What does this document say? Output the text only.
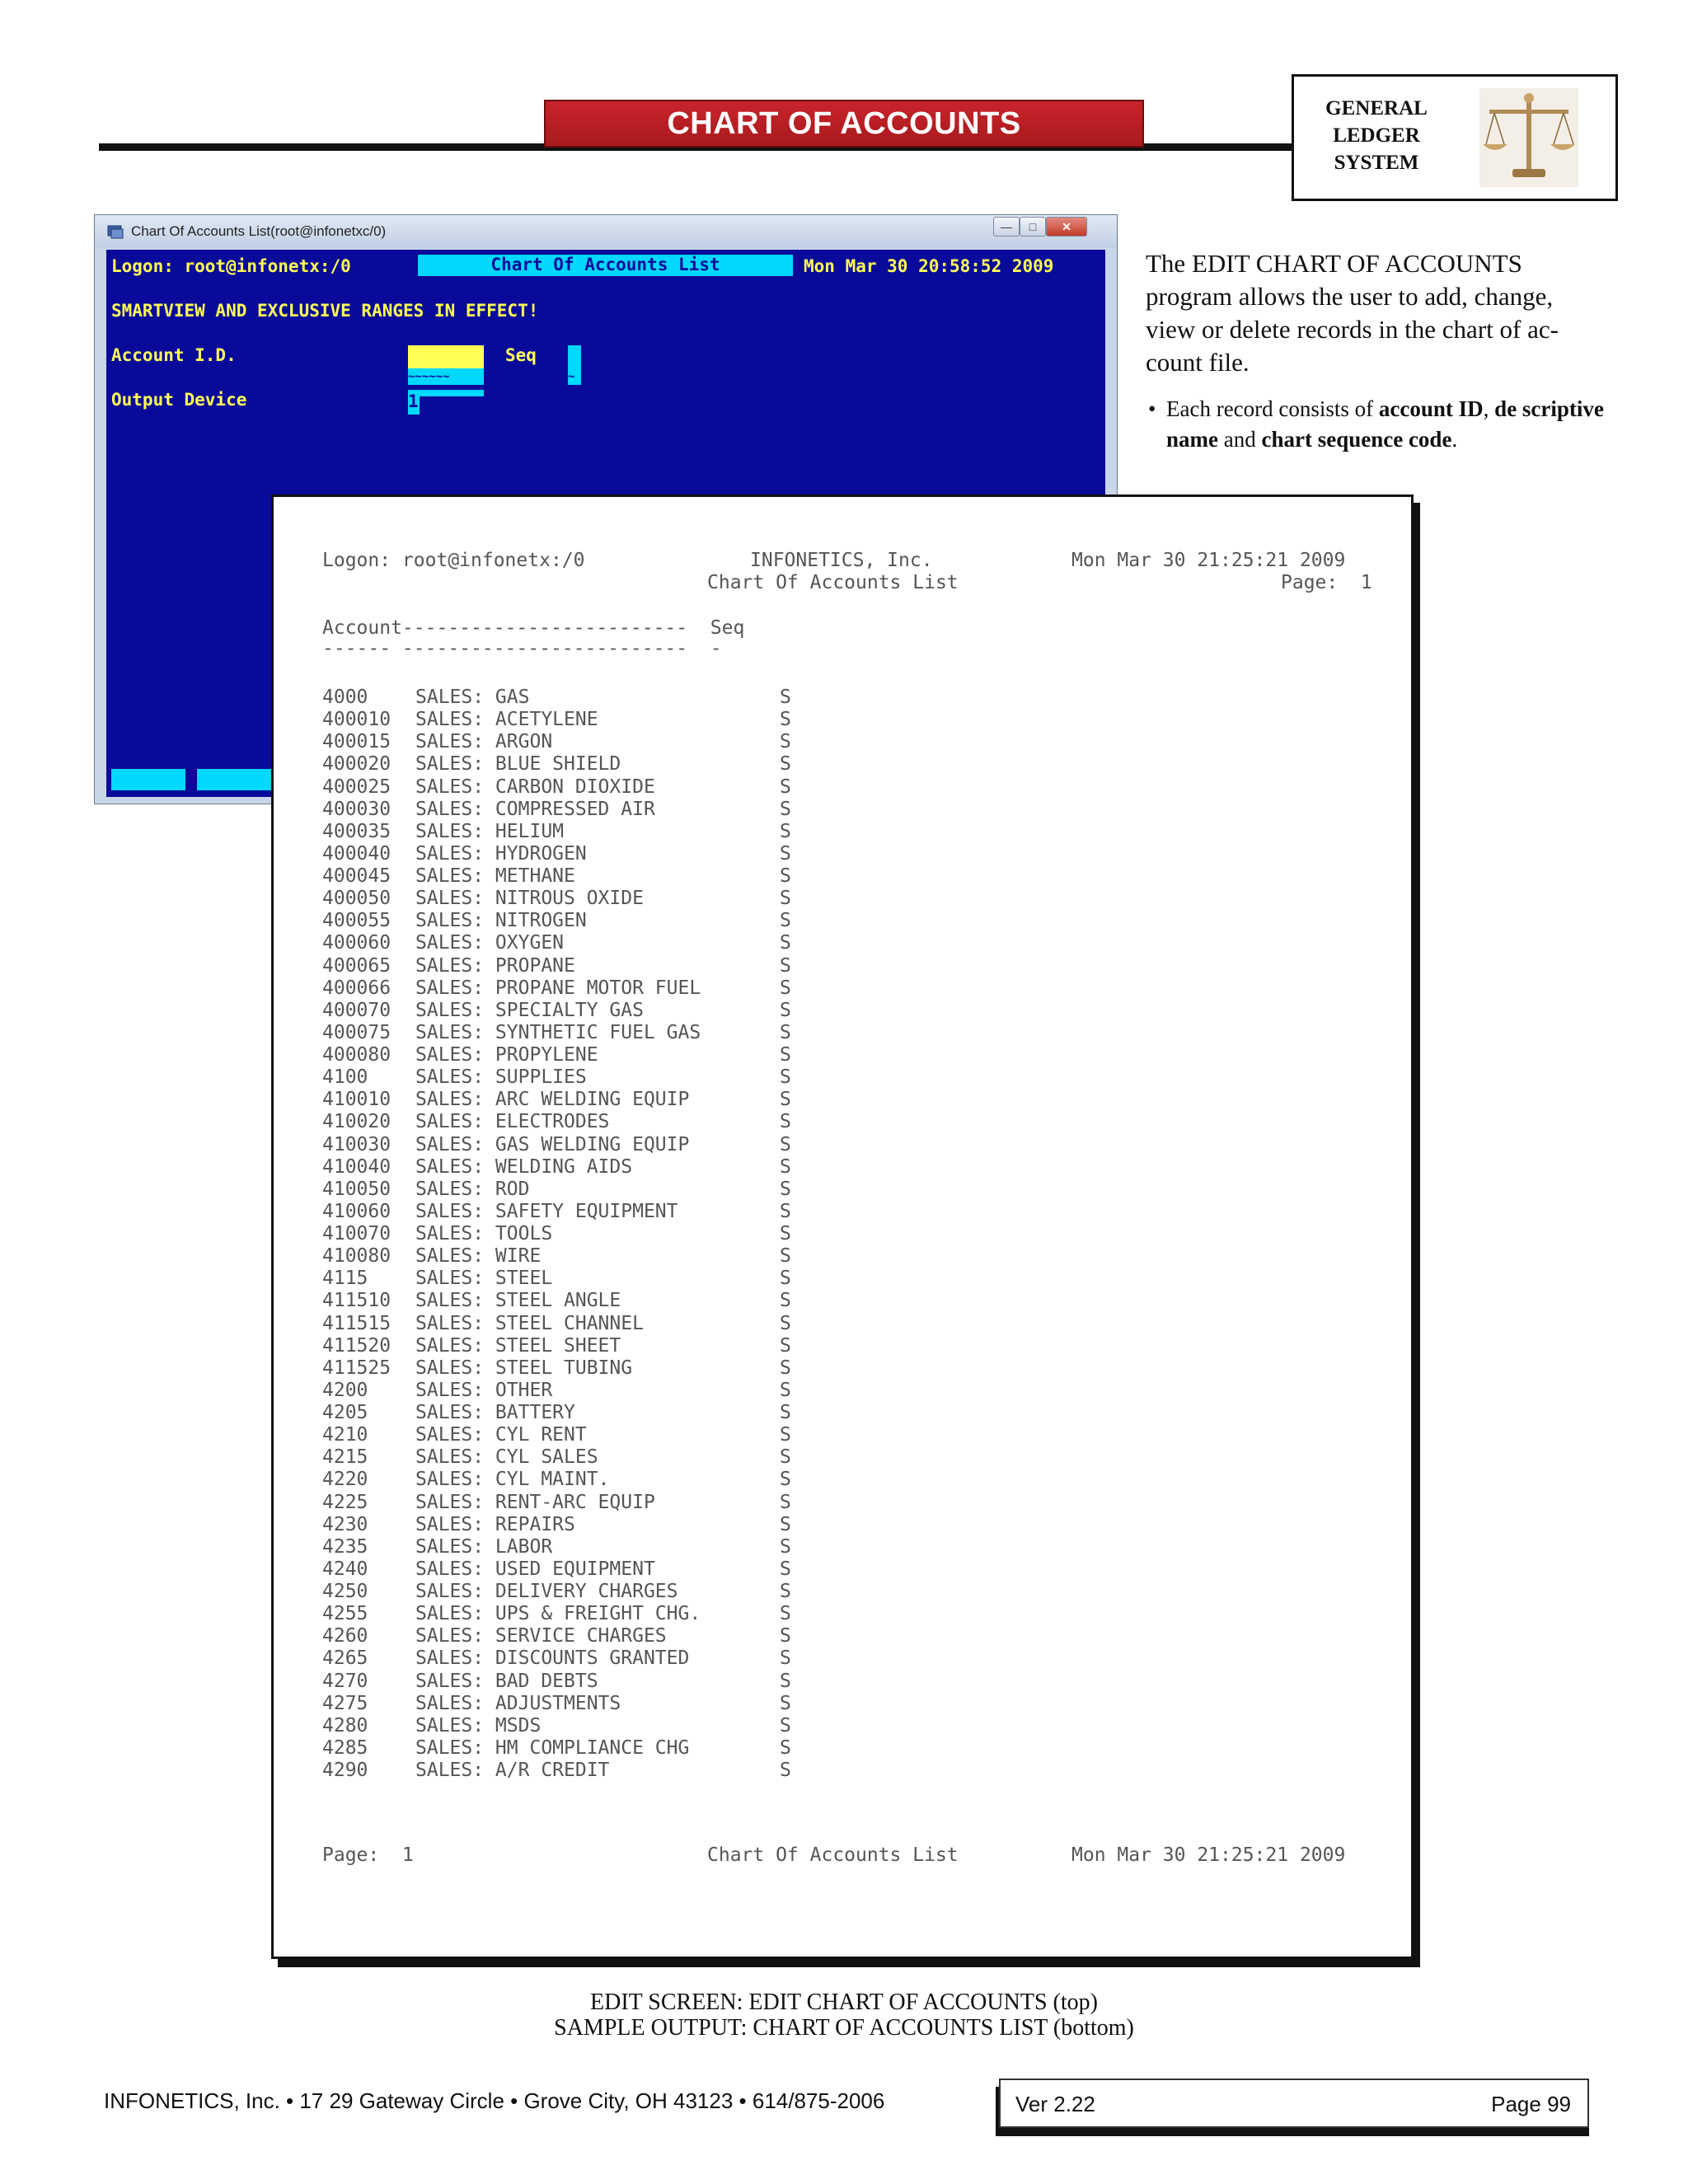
CHART OF ACCOUNTS	GENERAL
LEDGER
SYSTEM
Chart Of Accounts List(root@infonetxc/0)	—	□	✕
Logon: root@infonetx:/0	Chart Of Accounts List	Mon Mar 30 20:58:52 2009
SMARTVIEW AND EXCLUSIVE RANGES IN EFFECT!
Account I.D.
~~~~~~
Seq
~
Output Device	1
The EDIT CHART OF ACCOUNTS program allows the user to add, change, view or delete records in the chart of ac-count file.
• Each record consists of account ID, de scriptive name and chart sequence code.
Logon: root@infonetx:/0	INFONETICS, Inc.	Mon Mar 30 21:25:21 2009
Chart Of Accounts List	Page:  1
Account-------------------------  Seq
------ -------------------------  -
4000	SALES: GAS	S
400010	SALES: ACETYLENE	S
400015	SALES: ARGON	S
400020	SALES: BLUE SHIELD	S
400025	SALES: CARBON DIOXIDE	S
400030	SALES: COMPRESSED AIR	S
400035	SALES: HELIUM	S
400040	SALES: HYDROGEN	S
400045	SALES: METHANE	S
400050	SALES: NITROUS OXIDE	S
400055	SALES: NITROGEN	S
400060	SALES: OXYGEN	S
400065	SALES: PROPANE	S
400066	SALES: PROPANE MOTOR FUEL	S
400070	SALES: SPECIALTY GAS	S
400075	SALES: SYNTHETIC FUEL GAS	S
400080	SALES: PROPYLENE	S
4100	SALES: SUPPLIES	S
410010	SALES: ARC WELDING EQUIP	S
410020	SALES: ELECTRODES	S
410030	SALES: GAS WELDING EQUIP	S
410040	SALES: WELDING AIDS	S
410050	SALES: ROD	S
410060	SALES: SAFETY EQUIPMENT	S
410070	SALES: TOOLS	S
410080	SALES: WIRE	S
4115	SALES: STEEL	S
411510	SALES: STEEL ANGLE	S
411515	SALES: STEEL CHANNEL	S
411520	SALES: STEEL SHEET	S
411525	SALES: STEEL TUBING	S
4200	SALES: OTHER	S
4205	SALES: BATTERY	S
4210	SALES: CYL RENT	S
4215	SALES: CYL SALES	S
4220	SALES: CYL MAINT.	S
4225	SALES: RENT-ARC EQUIP	S
4230	SALES: REPAIRS	S
4235	SALES: LABOR	S
4240	SALES: USED EQUIPMENT	S
4250	SALES: DELIVERY CHARGES	S
4255	SALES: UPS & FREIGHT CHG.	S
4260	SALES: SERVICE CHARGES	S
4265	SALES: DISCOUNTS GRANTED	S
4270	SALES: BAD DEBTS	S
4275	SALES: ADJUSTMENTS	S
4280	SALES: MSDS	S
4285	SALES: HM COMPLIANCE CHG	S
4290	SALES: A/R CREDIT	S
Page:  1	Chart Of Accounts List	Mon Mar 30 21:25:21 2009
EDIT SCREEN: EDIT CHART OF ACCOUNTS (top)
SAMPLE OUTPUT: CHART OF ACCOUNTS LIST (bottom)
INFONETICS, Inc. • 17 29 Gateway Circle • Grove City, OH 43123 • 614/875-2006	Ver 2.22	Page 99
